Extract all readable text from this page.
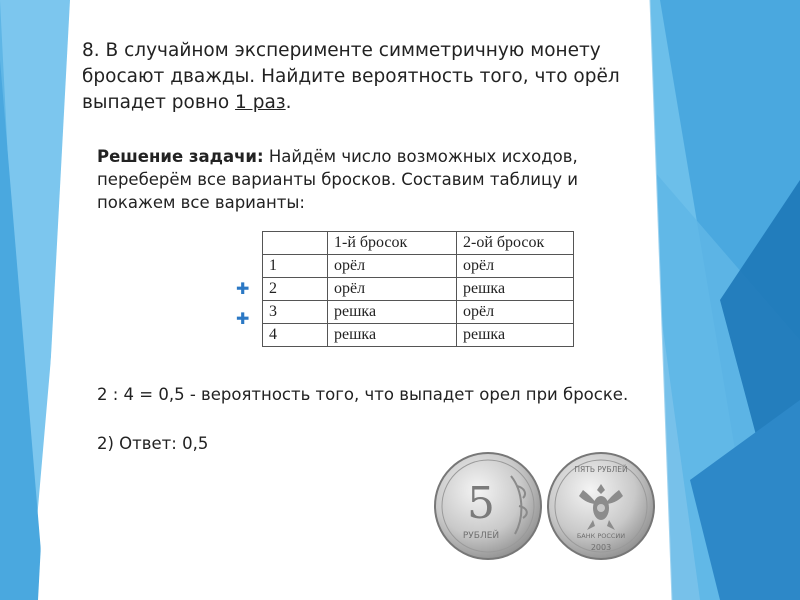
8. В случайном эксперименте симметричную монету
бросают дважды. Найдите вероятность того, что орёл
выпадет ровно 1 раз.
Решение задачи: Найдём число возможных исходов, переберём все варианты бросков. Составим таблицу и покажем все варианты:
	1-й бросок	2-ой бросок
1	орёл	орёл
2	орёл	решка
3	решка	орёл
4	решка	решка
✚
✚
2 : 4 = 0,5 - вероятность того, что выпадет орел при броске.
2) Ответ: 0,5
5
РУБЛЕЙ
ПЯТЬ РУБЛЕЙ
БАНК РОССИИ
2003
